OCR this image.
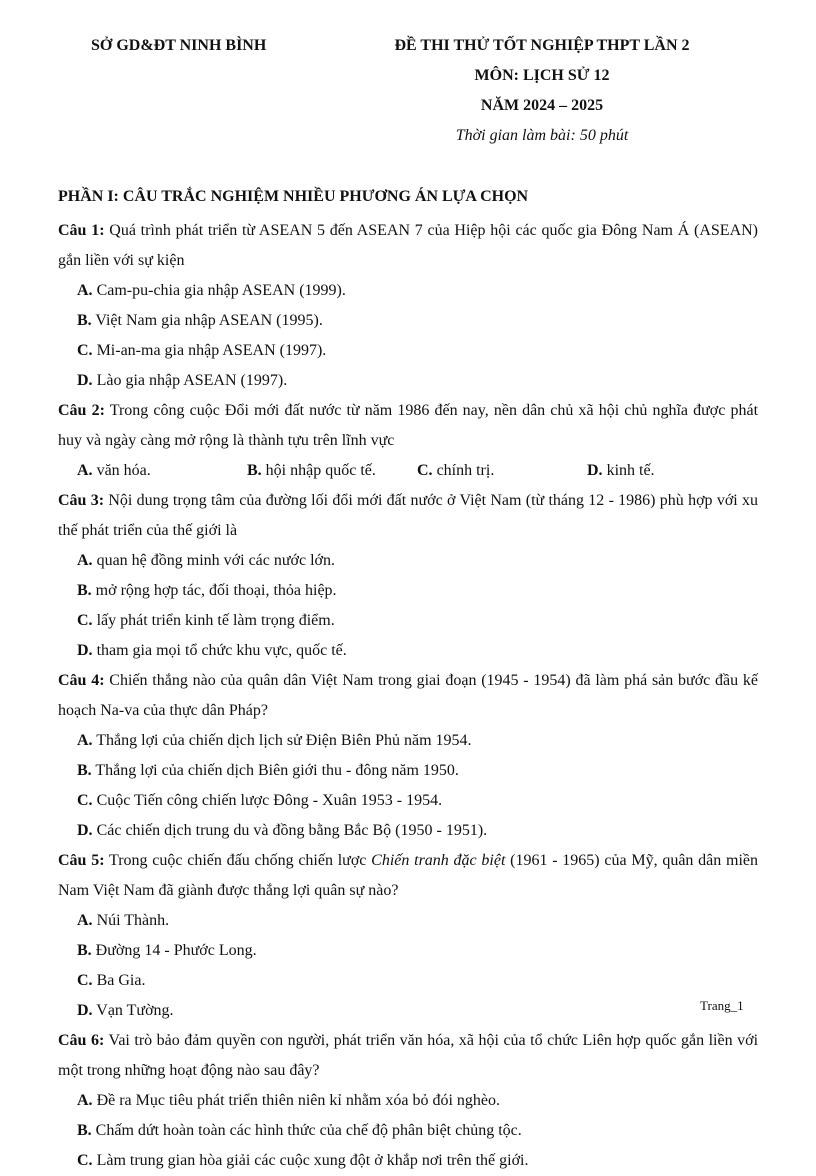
SỞ GD&ĐT NINH BÌNH	ĐỀ THI THỬ TỐT NGHIỆP THPT LẦN 2
MÔN: LỊCH SỬ 12
NĂM 2024 – 2025
Thời gian làm bài: 50 phút
PHẦN I: CÂU TRẮC NGHIỆM NHIỀU PHƯƠNG ÁN LỰA CHỌN

Câu 1: Quá trình phát triển từ ASEAN 5 đến ASEAN 7 của Hiệp hội các quốc gia Đông Nam Á (ASEAN) gắn liền với sự kiện

A. Cam-pu-chia gia nhập ASEAN (1999).
B. Việt Nam gia nhập ASEAN (1995).
C. Mi-an-ma gia nhập ASEAN (1997).
D. Lào gia nhập ASEAN (1997).

Câu 2: Trong công cuộc Đổi mới đất nước từ năm 1986 đến nay, nền dân chủ xã hội chủ nghĩa được phát huy và ngày càng mở rộng là thành tựu trên lĩnh vực

A. văn hóa.	B. hội nhập quốc tế.	C. chính trị.	D. kinh tế.

Câu 3: Nội dung trọng tâm của đường lối đổi mới đất nước ở Việt Nam (từ tháng 12 - 1986) phù hợp với xu thế phát triển của thế giới là

A. quan hệ đồng minh với các nước lớn.
B. mở rộng hợp tác, đối thoại, thỏa hiệp.
C. lấy phát triển kinh tế làm trọng điểm.
D. tham gia mọi tổ chức khu vực, quốc tế.

Câu 4: Chiến thắng nào của quân dân Việt Nam trong giai đoạn (1945 - 1954) đã làm phá sản bước đầu kế hoạch Na-va của thực dân Pháp?

A. Thắng lợi của chiến dịch lịch sử Điện Biên Phủ năm 1954.
B. Thắng lợi của chiến dịch Biên giới thu - đông năm 1950.
C. Cuộc Tiến công chiến lược Đông - Xuân 1953 - 1954.
D. Các chiến dịch trung du và đồng bằng Bắc Bộ (1950 - 1951).

Câu 5: Trong cuộc chiến đấu chống chiến lược Chiến tranh đặc biệt (1961 - 1965) của Mỹ, quân dân miền Nam Việt Nam đã giành được thắng lợi quân sự nào?

A. Núi Thành.
B. Đường 14 - Phước Long.
C. Ba Gia.
D. Vạn Tường.

Câu 6: Vai trò bảo đảm quyền con người, phát triển văn hóa, xã hội của tổ chức Liên hợp quốc gắn liền với một trong những hoạt động nào sau đây?

A. Đề ra Mục tiêu phát triển thiên niên kỉ nhằm xóa bỏ đói nghèo.
B. Chấm dứt hoàn toàn các hình thức của chế độ phân biệt chủng tộc.
C. Làm trung gian hòa giải các cuộc xung đột ở khắp nơi trên thế giới.
Trang_1
